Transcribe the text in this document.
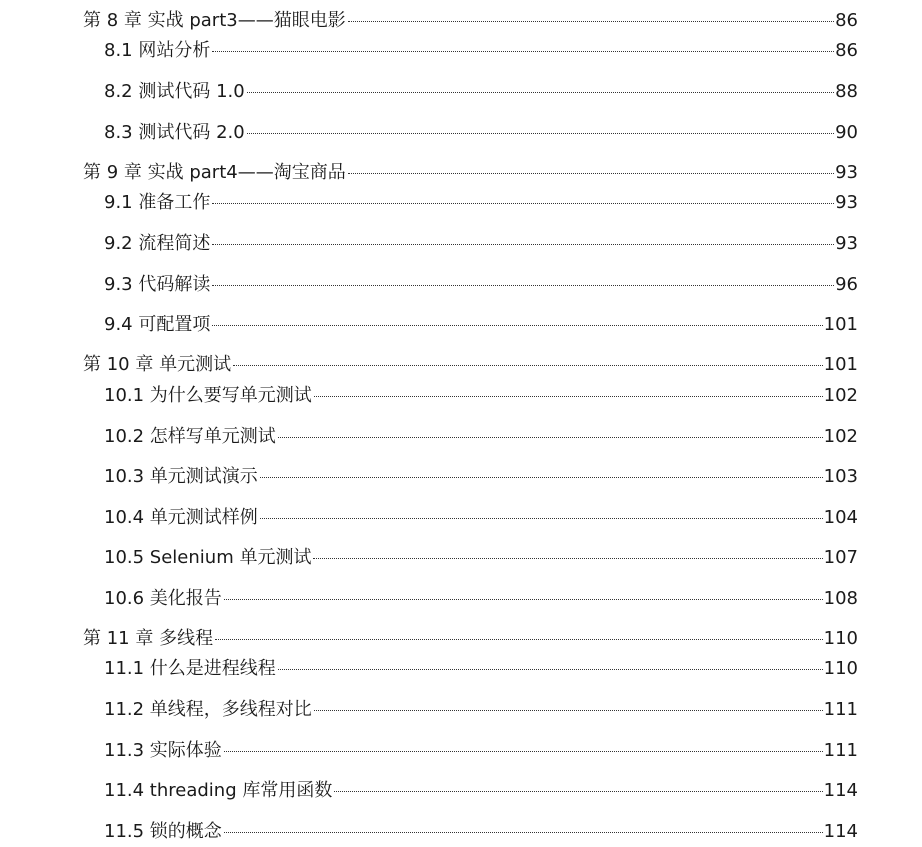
第 8 章 实战 part3——猫眼电影	86
8.1 网站分析	86
8.2 测试代码 1.0	88
8.3 测试代码 2.0	90
第 9 章 实战 part4——淘宝商品	93
9.1 准备工作	93
9.2 流程简述	93
9.3 代码解读	96
9.4 可配置项	101
第 10 章 单元测试	101
10.1 为什么要写单元测试	102
10.2 怎样写单元测试	102
10.3 单元测试演示	103
10.4 单元测试样例	104
10.5 Selenium 单元测试	107
10.6 美化报告	108
第 11 章 多线程	110
11.1 什么是进程线程	110
11.2 单线程，多线程对比	111
11.3 实际体验	111
11.4 threading 库常用函数	114
11.5 锁的概念	114
